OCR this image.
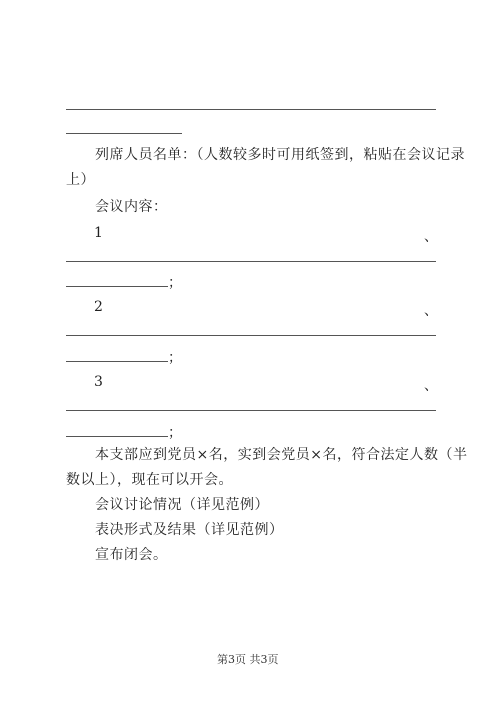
列席人员名单：（人数较多时可用纸签到，粘贴在会议记录
上）
会议内容：
1	、
；
2	、
；
3	、
；
本支部应到党员×名，实到会党员×名，符合法定人数（半
数以上），现在可以开会。
会议讨论情况（详见范例）
表决形式及结果（详见范例）
宣布闭会。
第3页 共3页
